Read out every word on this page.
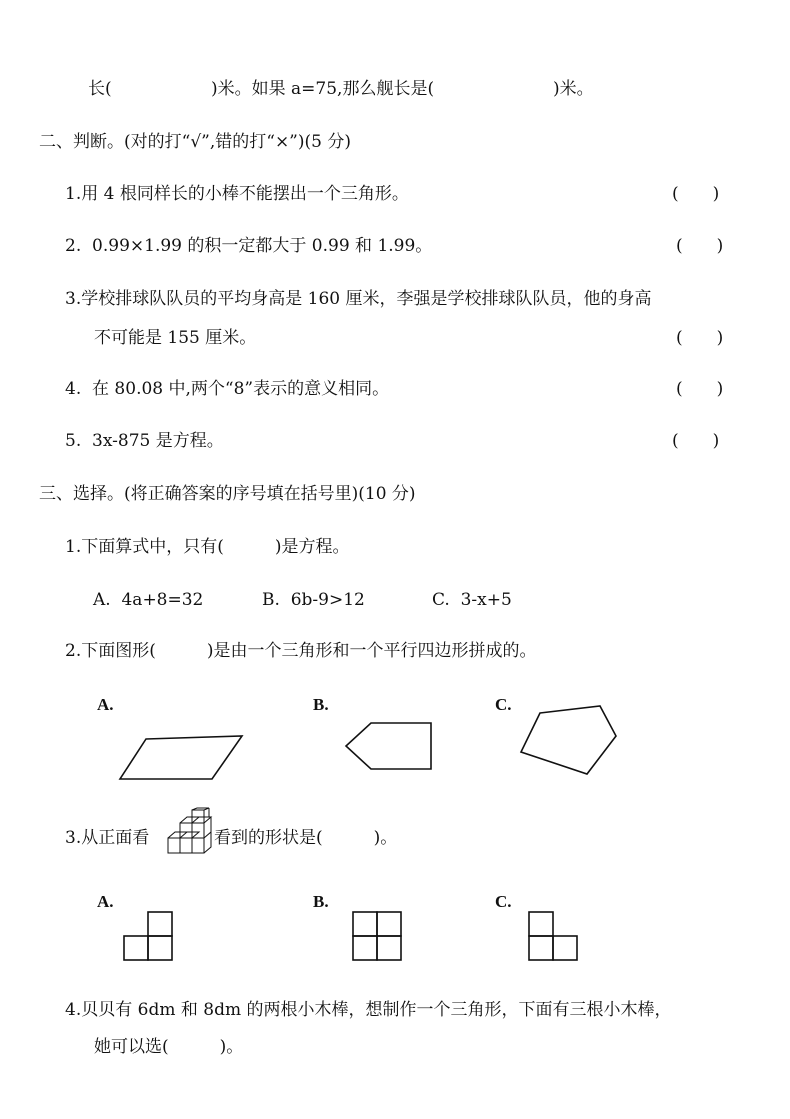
长(	)米。如果 a=75,那么舰长是(	)米。
二、判断。(对的打“√”,错的打“×”)(5 分)
1.用 4 根同样长的小棒不能摆出一个三角形。	(　　)
2.  0.99×1.99 的积一定都大于 0.99 和 1.99。	(　　)
3.学校排球队队员的平均身高是 160 厘米，李强是学校排球队队员，他的身高
不可能是 155 厘米。	(　　)
4.  在 80.08 中,两个“8”表示的意义相同。	(　　)
5.  3x-875 是方程。	(　　)
三、选择。(将正确答案的序号填在括号里)(10 分)
1.下面算式中，只有(　　　)是方程。
A.  4a+8=32	B.  6b-9>12	C.  3-x+5
2.下面图形(　　　)是由一个三角形和一个平行四边形拼成的。
A.	B.	C.
3.从正面看	看到的形状是(　　　)。
A.	B.	C.
4.贝贝有 6dm 和 8dm 的两根小木棒，想制作一个三角形，下面有三根小木棒，
她可以选(　　　)。
